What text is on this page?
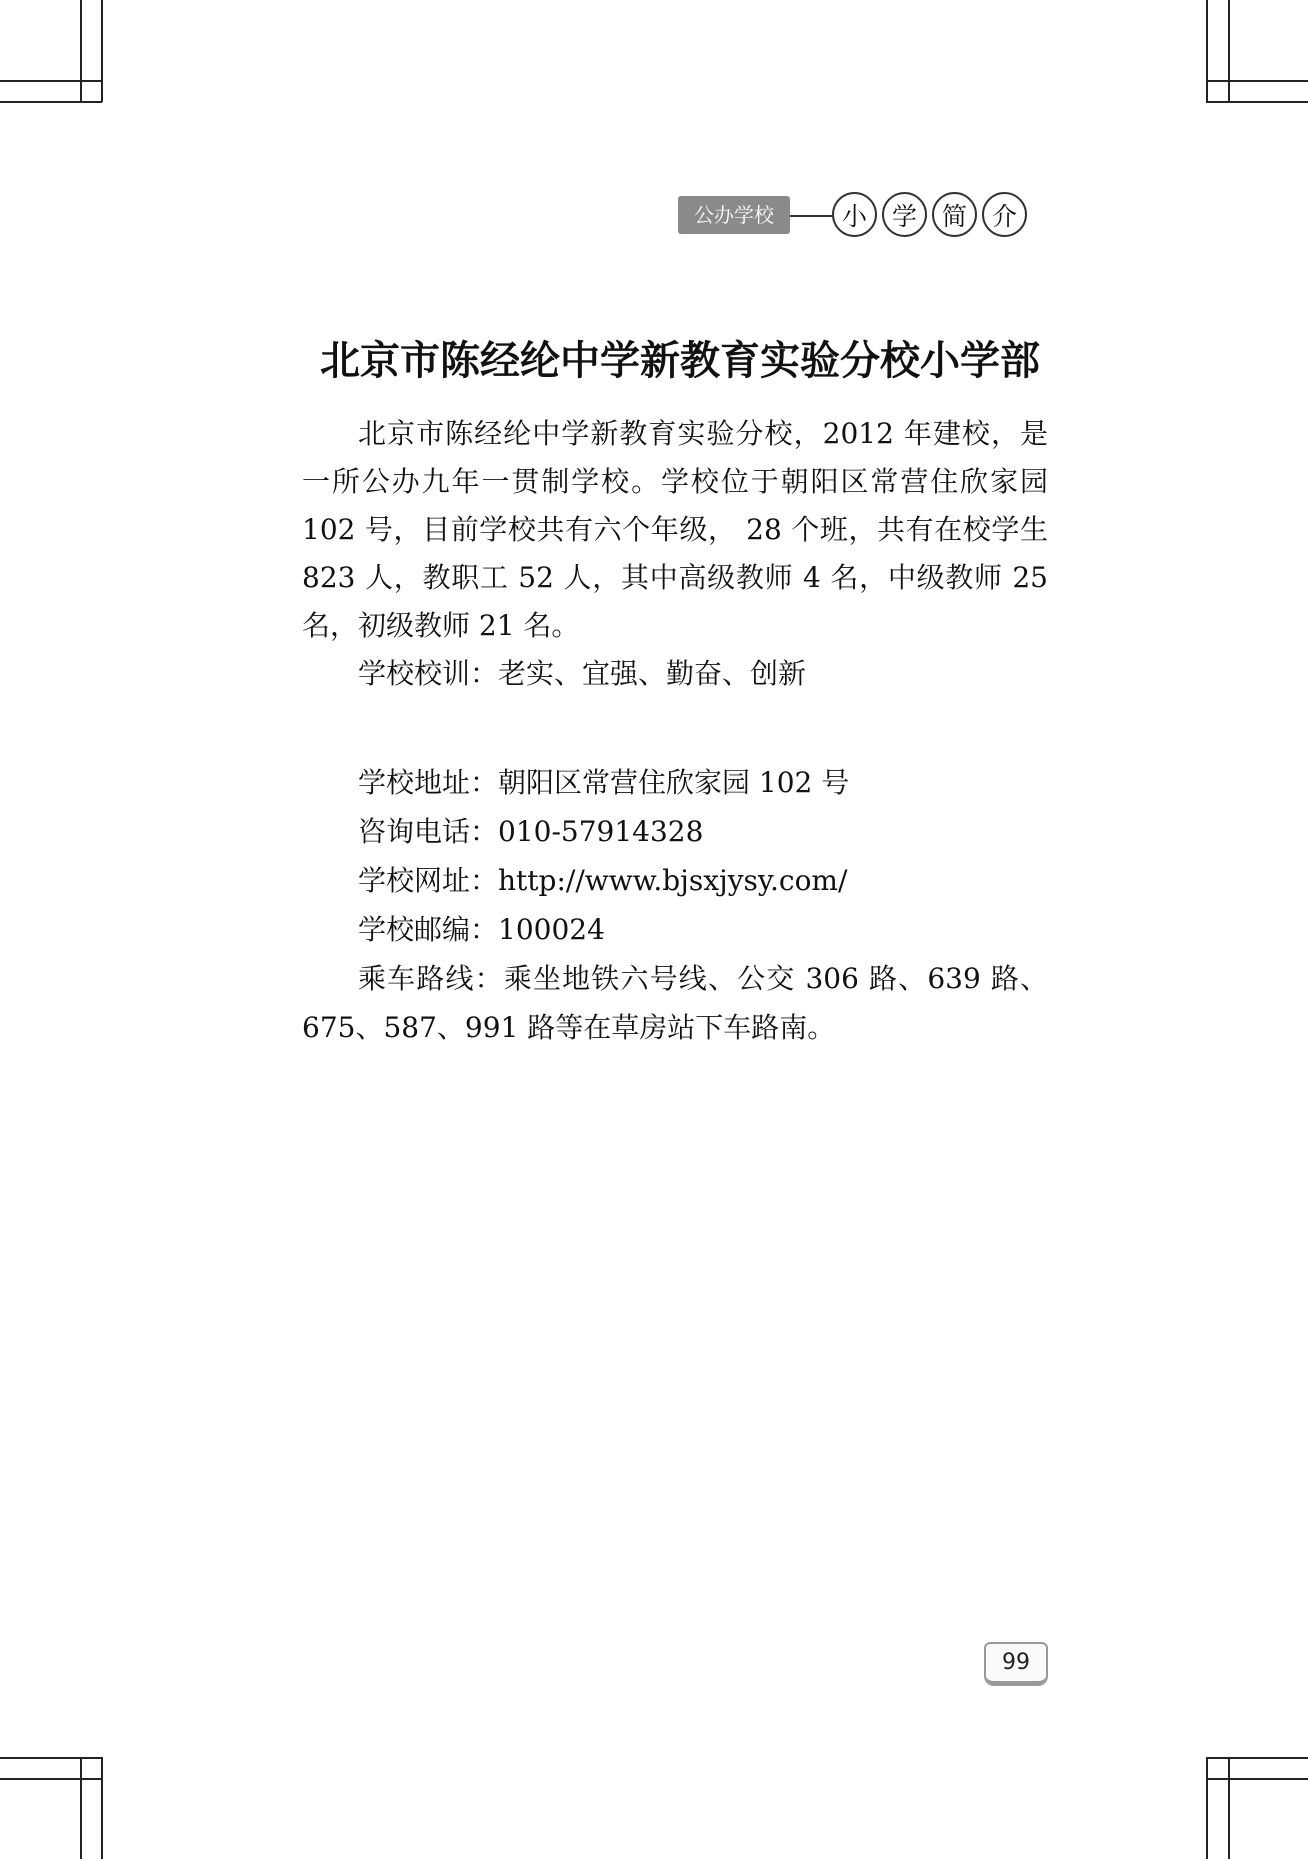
公办学校	小 学 简 介
北京市陈经纶中学新教育实验分校小学部

北京市陈经纶中学新教育实验分校，2012 年建校，是一所公办九年一贯制学校。学校位于朝阳区常营住欣家园 102 号，目前学校共有六个年级， 28 个班，共有在校学生 823 人，教职工 52 人，其中高级教师 4 名，中级教师 25 名，初级教师 21 名。

学校校训：老实、宜强、勤奋、创新
学校地址：朝阳区常营住欣家园 102 号
咨询电话：010-57914328
学校网址：http://www.bjsxjysy.com/
学校邮编：100024
乘车路线：乘坐地铁六号线、公交 306 路、639 路、675、587、991 路等在草房站下车路南。
99
